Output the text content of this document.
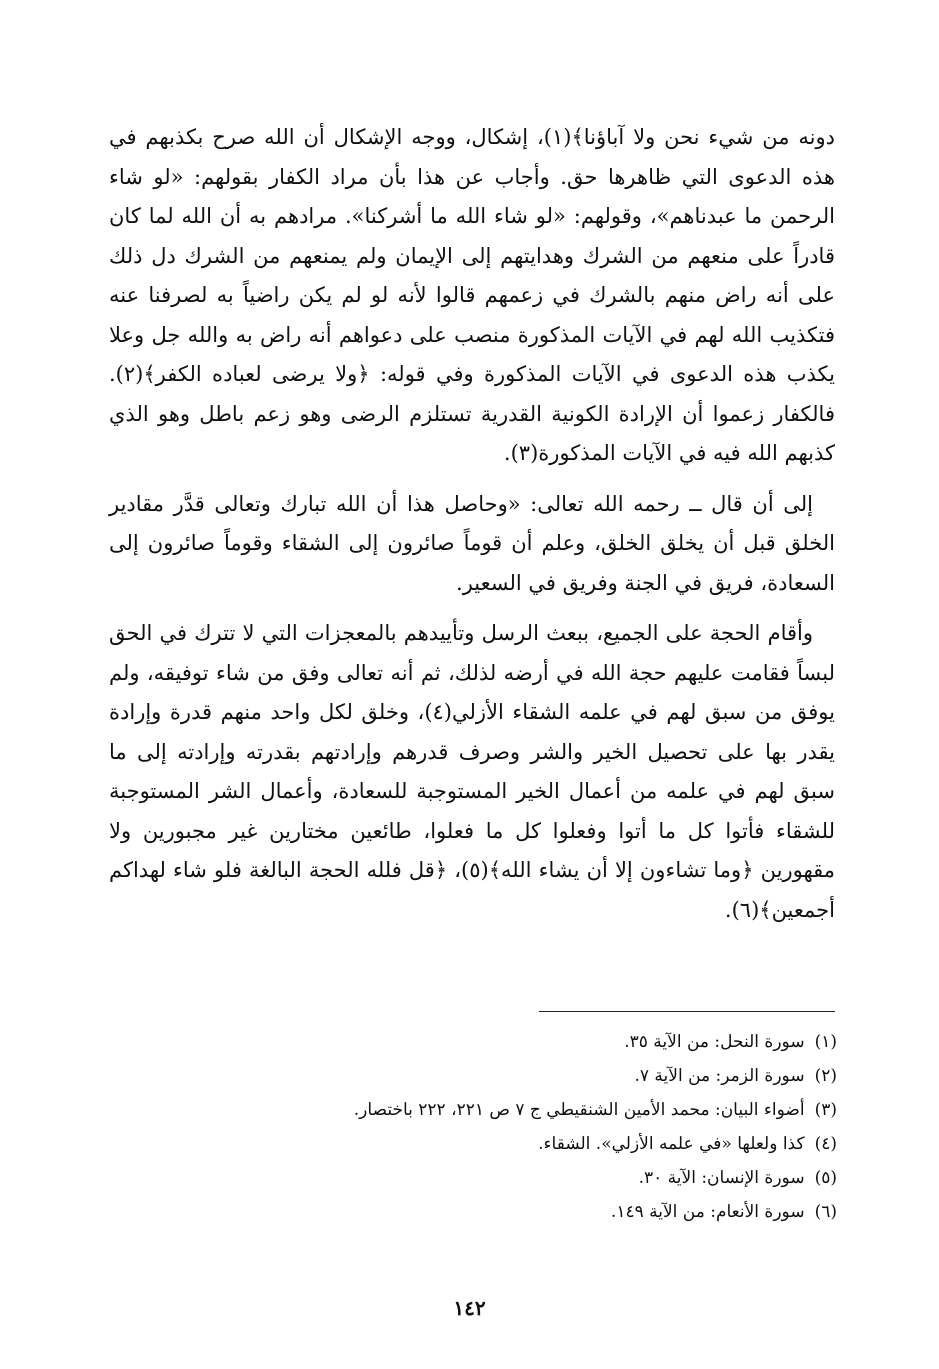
دونه من شيء نحن ولا آباؤنا﴾(١)، إشكال، ووجه الإشكال أن الله صرح بكذبهم في هذه الدعوى التي ظاهرها حق. وأجاب عن هذا بأن مراد الكفار بقولهم: «لو شاء الرحمن ما عبدناهم»، وقولهم: «لو شاء الله ما أشركنا». مرادهم به أن الله لما كان قادراً على منعهم من الشرك وهدايتهم إلى الإيمان ولم يمنعهم من الشرك دل ذلك على أنه راض منهم بالشرك في زعمهم قالوا لأنه لو لم يكن راضياً به لصرفنا عنه فتكذيب الله لهم في الآيات المذكورة منصب على دعواهم أنه راض به والله جل وعلا يكذب هذه الدعوى في الآيات المذكورة وفي قوله: ﴿ولا يرضى لعباده الكفر﴾(٢). فالكفار زعموا أن الإرادة الكونية القدرية تستلزم الرضى وهو زعم باطل وهو الذي كذبهم الله فيه في الآيات المذكورة(٣).

إلى أن قال ــ رحمه الله تعالى: «وحاصل هذا أن الله تبارك وتعالى قدَّر مقادير الخلق قبل أن يخلق الخلق، وعلم أن قوماً صائرون إلى الشقاء وقوماً صائرون إلى السعادة، فريق في الجنة وفريق في السعير.

وأقام الحجة على الجميع، ببعث الرسل وتأييدهم بالمعجزات التي لا تترك في الحق لبساً فقامت عليهم حجة الله في أرضه لذلك، ثم أنه تعالى وفق من شاء توفيقه، ولم يوفق من سبق لهم في علمه الشقاء الأزلي(٤)، وخلق لكل واحد منهم قدرة وإرادة يقدر بها على تحصيل الخير والشر وصرف قدرهم وإرادتهم بقدرته وإرادته إلى ما سبق لهم في علمه من أعمال الخير المستوجبة للسعادة، وأعمال الشر المستوجبة للشقاء فأتوا كل ما أتوا وفعلوا كل ما فعلوا، طائعين مختارين غير مجبورين ولا مقهورين ﴿وما تشاءون إلا أن يشاء الله﴾(٥)، ﴿قل فلله الحجة البالغة فلو شاء لهداكم أجمعين﴾(٦).

(١)سورة النحل: من الآية ٣٥.
(٢)سورة الزمر: من الآية ٧.
(٣)أضواء البيان: محمد الأمين الشنقيطي ج ٧ ص ٢٢١، ٢٢٢ باختصار.
(٤)كذا ولعلها «في علمه الأزلي». الشقاء.
(٥)سورة الإنسان: الآية ٣٠.
(٦)سورة الأنعام: من الآية ١٤٩.
١٤٢
